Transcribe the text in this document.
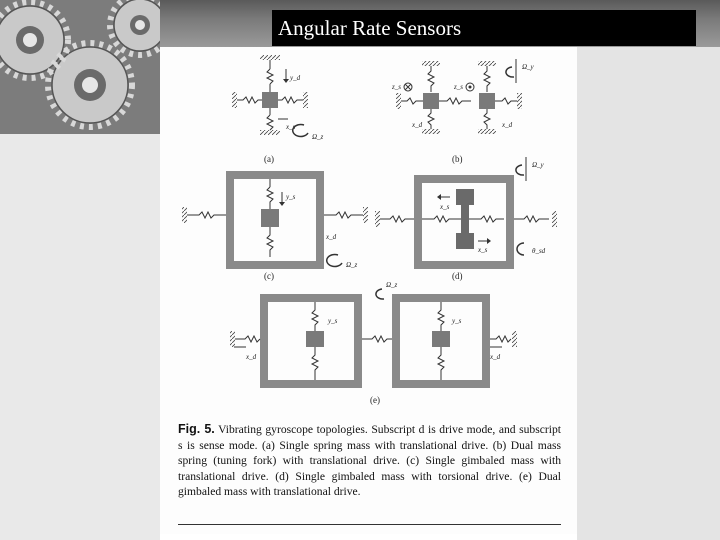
Angular Rate Sensors
y_d
x_s
Ω_z
(a)
z_s	z_s
x_d	x_d
Ω_y
(b)
y_s
x_d
Ω_z
(c)
x_s
x_s
Ω_y
θ_sd
(d)
y_s	y_s
x_d	x_d
Ω_z
(e)
Fig. 5. Vibrating gyroscope topologies. Subscript d is drive mode, and subscript s is sense mode. (a) Single spring mass with translational drive. (b) Dual mass spring (tuning fork) with translational drive. (c) Single gimbaled mass with translational drive. (d) Single gimbaled mass with torsional drive. (e) Dual gimbaled mass with translational drive.
